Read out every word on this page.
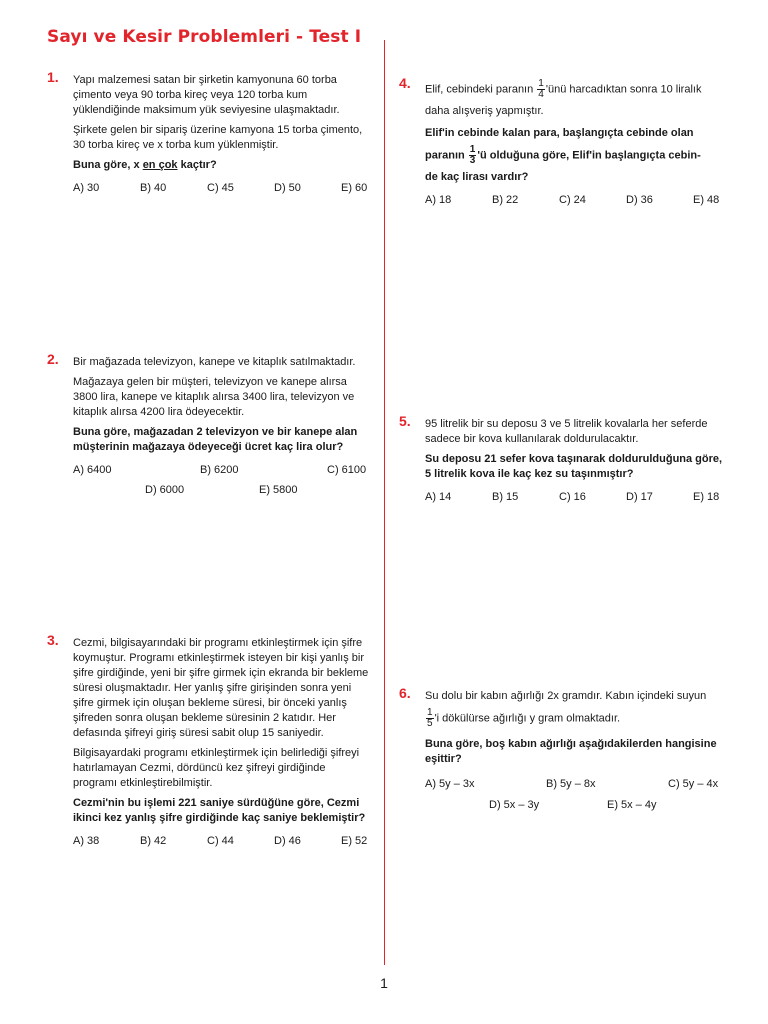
Sayı ve Kesir Problemleri - Test I
1. Yapı malzemesi satan bir şirketin kamyonuna 60 torba çimento veya 90 torba kireç veya 120 torba kum yüklendiğinde maksimum yük seviyesine ulaşmaktadır.

Şirkete gelen bir sipariş üzerine kamyona 15 torba çimento, 30 torba kireç ve x torba kum yüklenmiştir.

Buna göre, x en çok kaçtır?

A) 30	B) 40	C) 45	D) 50	E) 60
2. Bir mağazada televizyon, kanepe ve kitaplık satılmaktadır.

Mağazaya gelen bir müşteri, televizyon ve kanepe alırsa 3800 lira, kanepe ve kitaplık alırsa 3400 lira, televizyon ve kitaplık alırsa 4200 lira ödeyecektir.

Buna göre, mağazadan 2 televizyon ve bir kanepe alan müşterinin mağazaya ödeyeceği ücret kaç lira olur?

A) 6400	B) 6200	C) 6100
D) 6000	E) 5800
3. Cezmi, bilgisayarındaki bir programı etkinleştirmek için şifre koymuştur. Programı etkinleştirmek isteyen bir kişi yanlış bir şifre girdiğinde, yeni bir şifre girmek için ekranda bir bekleme süresi oluşmaktadır. Her yanlış şifre girişinden sonra yeni şifre girmek için oluşan bekleme süresi, bir önceki yanlış şifreden sonra oluşan bekleme süresinin 2 katıdır. Her defasında şifreyi giriş süresi sabit olup 15 saniyedir.

Bilgisayardaki programı etkinleştirmek için belirlediği şifreyi hatırlamayan Cezmi, dördüncü kez şifreyi girdiğinde programı etkinleştirebilmiştir.

Cezmi'nin bu işlemi 221 saniye sürdüğüne göre, Cezmi ikinci kez yanlış şifre girdiğinde kaç saniye beklemiştir?

A) 38	B) 42	C) 44	D) 46	E) 52
4. Elif, cebindeki paranın $\frac{1}{4}$ 'ünü harcadıktan sonra 10 liralık

daha alışveriş yapmıştır.

Elif'in cebinde kalan para, başlangıçta cebinde olan

paranın $\frac{1}{3}$ 'ü olduğuna göre, Elif'in başlangıçta cebin-

de kaç lirası vardır?

A) 18	B) 22	C) 24	D) 36	E) 48
5. 95 litrelik bir su deposu 3 ve 5 litrelik kovalarla her seferde sadece bir kova kullanılarak doldurulacaktır.

Su deposu 21 sefer kova taşınarak doldurulduğuna göre, 5 litrelik kova ile kaç kez su taşınmıştır?

A) 14	B) 15	C) 16	D) 17	E) 18
6. Su dolu bir kabın ağırlığı 2x gramdır. Kabın içindeki suyun

$\frac{1}{5}$ 'i dökülürse ağırlığı y gram olmaktadır.

Buna göre, boş kabın ağırlığı aşağıdakilerden hangisine eşittir?

A) 5y – 3x	B) 5y – 8x	C) 5y – 4x
D) 5x – 3y	E) 5x – 4y
1
